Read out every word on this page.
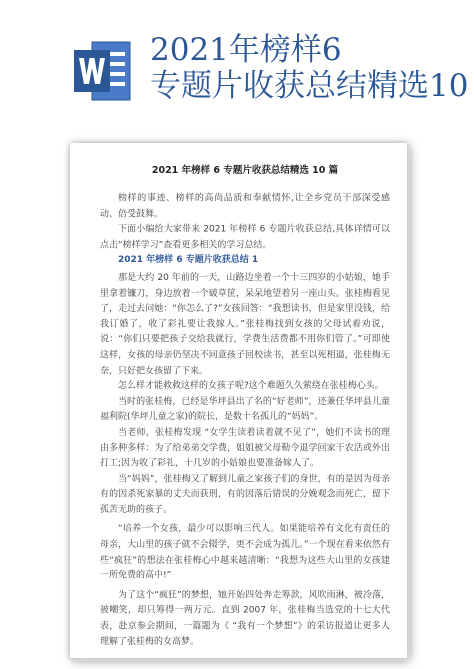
2021年榜样6
专题片收获总结精选10
2021 年榜样 6 专题片收获总结精选 10 篇

榜样的事迹、榜样的高尚品质和奉献情怀,让全乡党员干部深受感动、倍受鼓舞。

下面小编给大家带来 2021 年榜样 6 专题片收获总结,具体详情可以点击“榜样学习”查看更多相关的学习总结。

2021 年榜样 6 专题片收获总结 1

那是大约 20 年前的一天，山路边坐着一个十三四岁的小姑娘，她手里拿着镰刀，身边放着一个破草筐，呆呆地望着另一座山头。张桂梅看见了，走过去问她：“你怎么了?”女孩回答：“我想读书，但是家里没钱，给我订婚了，收了彩礼要让我嫁人。”张桂梅找到女孩的父母试着劝说，说：“你们只要把孩子交给我就行，学费生活费都不用你们管了。”可即使这样，女孩的母亲仍坚决不同意孩子回校读书，甚至以死相逼，张桂梅无奈，只好把女孩留了下来。

怎么样才能救救这样的女孩子呢?这个难题久久萦绕在张桂梅心头。

当时的张桂梅，已经是华坪县出了名的“好老师”，还兼任华坪县儿童福利院(华坪儿童之家)的院长，是数十名孤儿的“妈妈”。

当老师，张桂梅发现 “女学生读着读着就不见了”，她们不读书的理由多种多样：为了给弟弟交学费，姐姐被父母勒令退学回家干农活或外出打工;因为收了彩礼，十几岁的小姑娘也要准备嫁人了。

当“妈妈”，张桂梅又了解到儿童之家孩子们的身世，有的是因为母亲有的因杀死家暴的丈夫而获刑，有的因落后错误的分娩观念而死亡，留下孤苦无助的孩子。

“培养一个女孩，最少可以影响三代人。如果能培养有文化有责任的母亲，大山里的孩子就不会辍学，更不会成为孤儿。”一个现在看来依然有些“疯狂”的想法在张桂梅心中越来越清晰：“我想为这些大山里的女孩建一所免费的高中!”

为了这个“疯狂”的梦想，她开始四处奔走筹款，风吹雨淋，被冷落，被嘲笑，却只筹得一两万元。直到 2007 年，张桂梅当选党的十七大代表，赴京参会期间，一篇题为《 “我有一个梦想”》的采访报道让更多人理解了张桂梅的女高梦。
